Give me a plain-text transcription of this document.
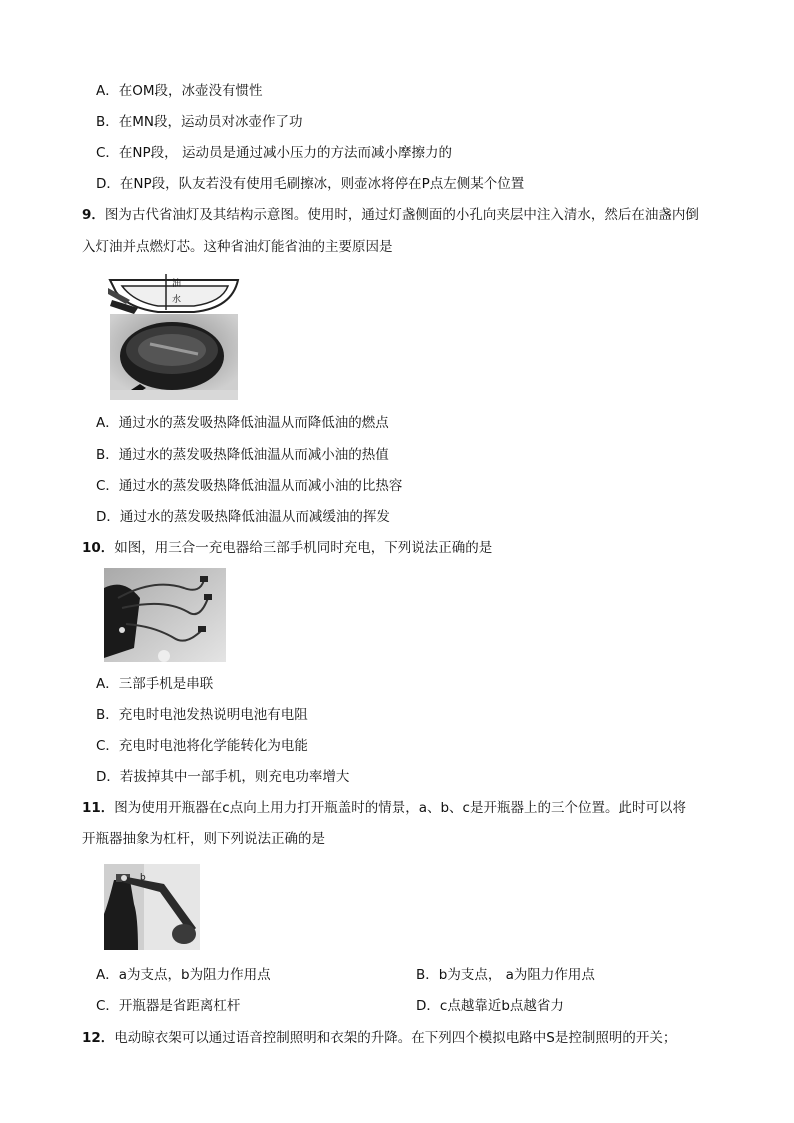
A．在OM段，冰壶没有惯性
B．在MN段，运动员对冰壶作了功
C．在NP段， 运动员是通过减小压力的方法而减小摩擦力的
D．在NP段，队友若没有使用毛刷擦冰，则壶冰将停在P点左侧某个位置
9．图为古代省油灯及其结构示意图。使用时，通过灯盏侧面的小孔向夹层中注入清水，然后在油盏内倒
入灯油并点燃灯芯。这种省油灯能省油的主要原因是
油
水
A．通过水的蒸发吸热降低油温从而降低油的燃点
B．通过水的蒸发吸热降低油温从而减小油的热值
C．通过水的蒸发吸热降低油温从而减小油的比热容
D．通过水的蒸发吸热降低油温从而减缓油的挥发
10．如图，用三合一充电器给三部手机同时充电，下列说法正确的是
A．三部手机是串联
B．充电时电池发热说明电池有电阻
C．充电时电池将化学能转化为电能
D．若拔掉其中一部手机，则充电功率增大
11．图为使用开瓶器在c点向上用力打开瓶盖时的情景，a、b、c是开瓶器上的三个位置。此时可以将
开瓶器抽象为杠杆，则下列说法正确的是
b
A．a为支点，b为阻力作用点	B．b为支点， a为阻力作用点
C．开瓶器是省距离杠杆	D．c点越靠近b点越省力
12．电动晾衣架可以通过语音控制照明和衣架的升降。在下列四个模拟电路中S是控制照明的开关；
